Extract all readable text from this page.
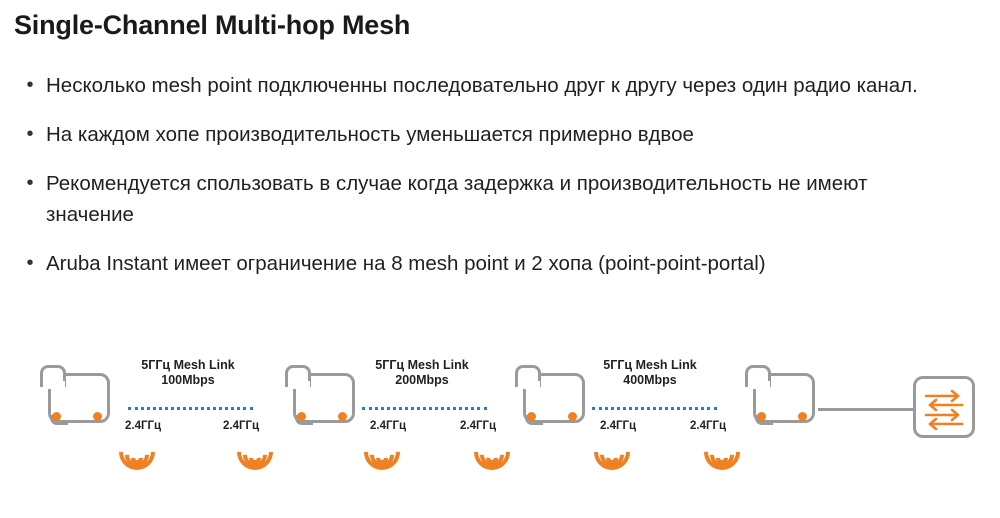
Single-Channel Multi-hop Mesh
• Несколько mesh point подключенны последовательно друг к другу через один радио канал.
• На каждом хопе производительность уменьшается примерно вдвое
• Рекомендуется спользовать в случае когда задержка и производительность не имеют значение
• Aruba Instant имеет ограничение на 8 mesh point и 2 хопа (point-point-portal)
5ГГц Mesh Link
100Mbps
5ГГц Mesh Link
200Mbps
5ГГц Mesh Link
400Mbps
2.4ГГц	2.4ГГц	2.4ГГц	2.4ГГц	2.4ГГц	2.4ГГц
